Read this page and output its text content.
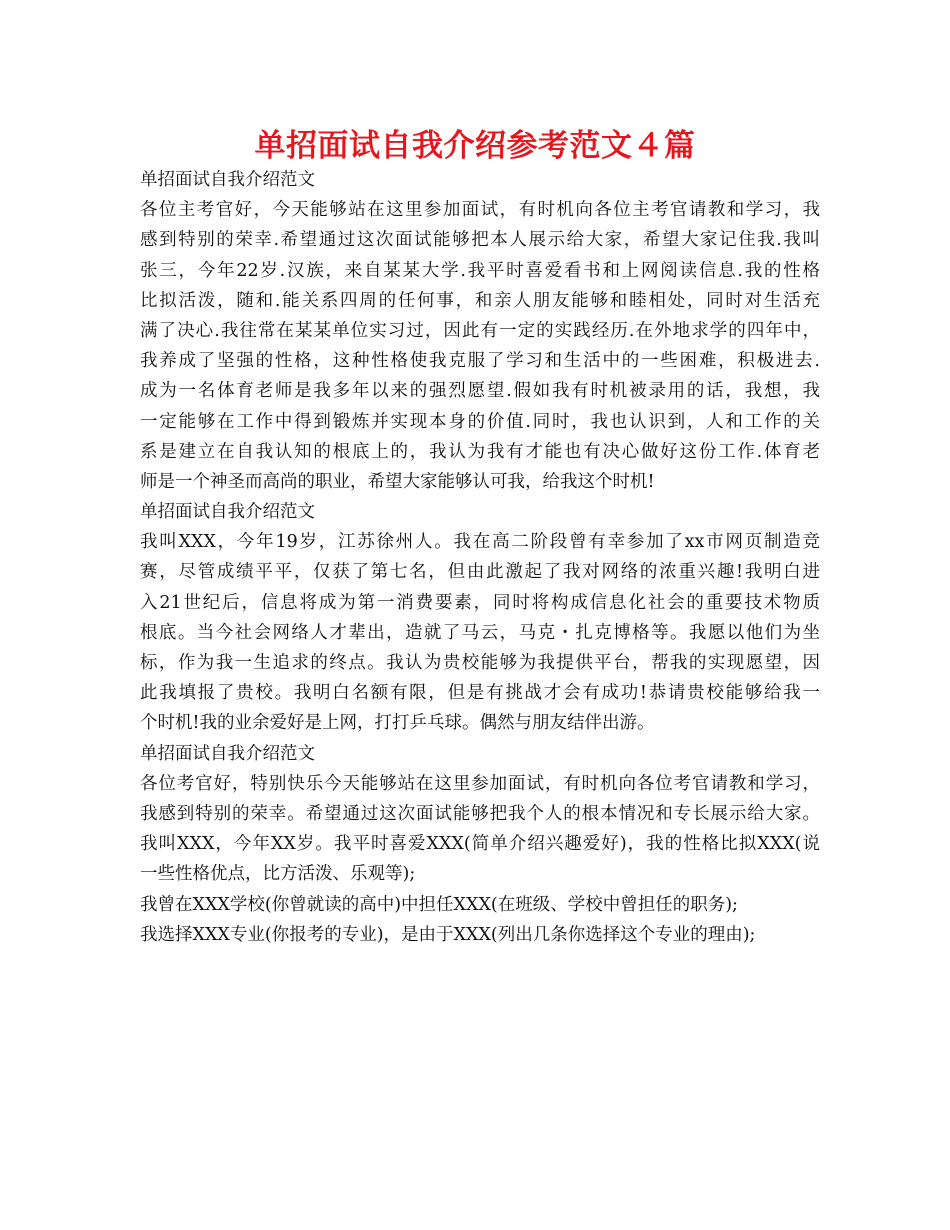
单招面试自我介绍参考范文４篇
单招面试自我介绍范文
各位主考官好，今天能够站在这里参加面试，有时机向各位主考官请教和学习，我
感到特别的荣幸.希望通过这次面试能够把本人展示给大家，希望大家记住我.我叫
张三，今年22岁.汉族，来自某某大学.我平时喜爱看书和上网阅读信息.我的性格
比拟活泼，随和.能关系四周的任何事，和亲人朋友能够和睦相处，同时对生活充
满了决心.我往常在某某单位实习过，因此有一定的实践经历.在外地求学的四年中，
我养成了坚强的性格，这种性格使我克服了学习和生活中的一些困难，积极进去.
成为一名体育老师是我多年以来的强烈愿望.假如我有时机被录用的话，我想，我
一定能够在工作中得到锻炼并实现本身的价值.同时，我也认识到，人和工作的关
系是建立在自我认知的根底上的，我认为我有才能也有决心做好这份工作.体育老
师是一个神圣而高尚的职业，希望大家能够认可我，给我这个时机!
单招面试自我介绍范文
我叫XXX，今年19岁，江苏徐州人。我在高二阶段曾有幸参加了xx市网页制造竞
赛，尽管成绩平平，仅获了第七名，但由此激起了我对网络的浓重兴趣!我明白进
入21世纪后，信息将成为第一消费要素，同时将构成信息化社会的重要技术物质
根底。当今社会网络人才辈出，造就了马云，马克・扎克博格等。我愿以他们为坐
标，作为我一生追求的终点。我认为贵校能够为我提供平台，帮我的实现愿望，因
此我填报了贵校。我明白名额有限，但是有挑战才会有成功!恭请贵校能够给我一
个时机!我的业余爱好是上网，打打乒乓球。偶然与朋友结伴出游。
单招面试自我介绍范文
各位考官好，特别快乐今天能够站在这里参加面试，有时机向各位考官请教和学习，
我感到特别的荣幸。希望通过这次面试能够把我个人的根本情况和专长展示给大家。
我叫XXX，今年XX岁。我平时喜爱XXX(简单介绍兴趣爱好)，我的性格比拟XXX(说
一些性格优点，比方活泼、乐观等);
我曾在XXX学校(你曾就读的高中)中担任XXX(在班级、学校中曾担任的职务);
我选择XXX专业(你报考的专业)，是由于XXX(列出几条你选择这个专业的理由);
